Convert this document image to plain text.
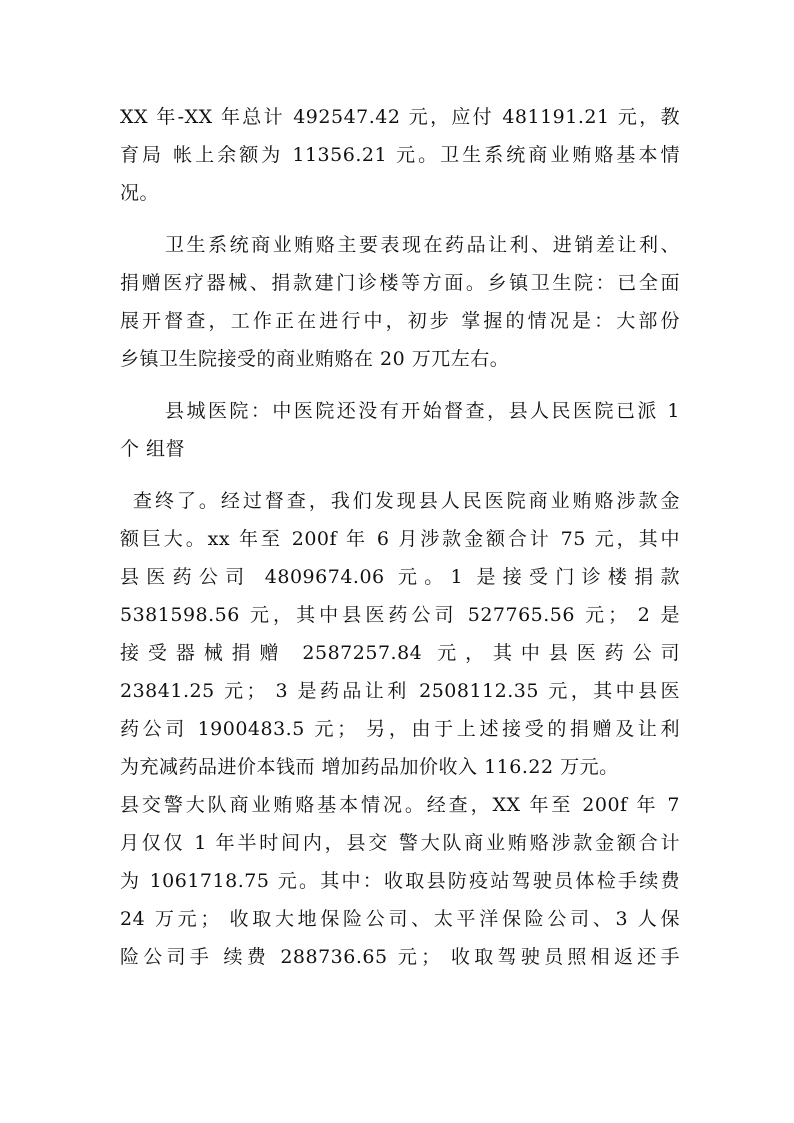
XX 年-XX 年总计 492547.42 元，应付 481191.21 元，教
育局 帐上余额为 11356.21 元。卫生系统商业贿赂基本情
况。
卫生系统商业贿赂主要表现在药品让利、进销差让利、
捐赠医疗器械、捐款建门诊楼等方面。乡镇卫生院：已全面
展开督查，工作正在进行中，初步 掌握的情况是：大部份
乡镇卫生院接受的商业贿赂在 20 万兀左右。
县城医院：中医院还没有开始督查，县人民医院已派 1
个 组督
查终了。经过督查，我们发现县人民医院商业贿赂涉款金
额巨大。xx 年至 200f 年 6 月涉款金额合计 75 元，其中
县医药公司 4809674.06 元。1 是接受门诊楼捐款
5381598.56 元，其中县医药公司 527765.56 元； 2 是
接受器械捐赠 2587257.84 元，其中县医药公司
23841.25 元； 3 是药品让利 2508112.35 元，其中县医
药公司 1900483.5 元； 另，由于上述接受的捐赠及让利
为充减药品进价本钱而 增加药品加价收入 116.22 万元。
县交警大队商业贿赂基本情况。经查，XX 年至 200f 年 7
月仅仅 1 年半时间内，县交 警大队商业贿赂涉款金额合计
为 1061718.75 元。其中：收取县防疫站驾驶员体检手续费
24 万元； 收取大地保险公司、太平洋保险公司、3 人保
险公司手 续费 288736.65 元； 收取驾驶员照相返还手
